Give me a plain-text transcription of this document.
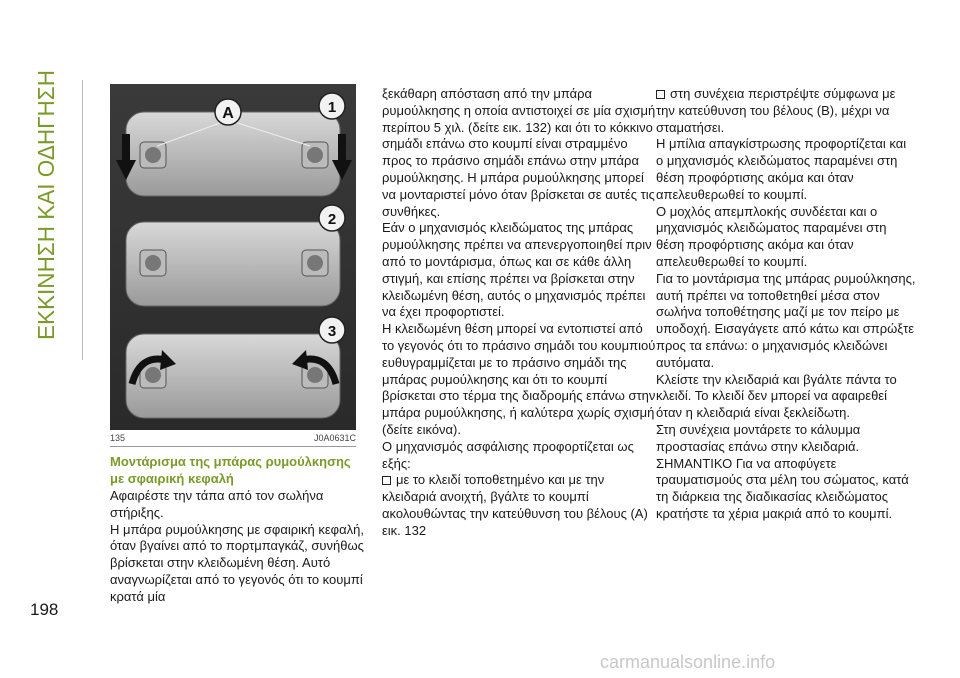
ΕΚΚΙΝΗΣΗ ΚΑΙ ΟΔΗΓΗΣΗ
198
A	1
2
3
135	J0A0631C
Μοντάρισμα της μπάρας ρυμούλκησης με σφαιρική κεφαλή

Αφαιρέστε την τάπα από τον σωλήνα στήριξης.

Η μπάρα ρυμούλκησης με σφαιρική κεφαλή, όταν βγαίνει από το πορτμπαγκάζ, συνήθως βρίσκεται στην κλειδωμένη θέση. Αυτό αναγνωρίζεται από το γεγονός ότι το κουμπί κρατά μία

ξεκάθαρη απόσταση από την μπάρα ρυμούλκησης η οποία αντιστοιχεί σε μία σχισμή περίπου 5 χιλ. (δείτε εικ. 132) και ότι το κόκκινο σημάδι επάνω στο κουμπί είναι στραμμένο προς το πράσινο σημάδι επάνω στην μπάρα ρυμούλκησης. Η μπάρα ρυμούλκησης μπορεί να μονταριστεί μόνο όταν βρίσκεται σε αυτές τις συνθήκες.

Εάν ο μηχανισμός κλειδώματος της μπάρας ρυμούλκησης πρέπει να απενεργοποιηθεί πριν από το μοντάρισμα, όπως και σε κάθε άλλη στιγμή, και επίσης πρέπει να βρίσκεται στην κλειδωμένη θέση, αυτός ο μηχανισμός πρέπει να έχει προφορτιστεί.

Η κλειδωμένη θέση μπορεί να εντοπιστεί από το γεγονός ότι το πράσινο σημάδι του κουμπιού ευθυγραμμίζεται με το πράσινο σημάδι της μπάρας ρυμούλκησης και ότι το κουμπί βρίσκεται στο τέρμα της διαδρομής επάνω στην μπάρα ρυμούλκησης, ή καλύτερα χωρίς σχισμή (δείτε εικόνα).

Ο μηχανισμός ασφάλισης προφορτίζεται ως εξής:

με το κλειδί τοποθετημένο και με την κλειδαριά ανοιχτή, βγάλτε το κουμπί ακολουθώντας την κατεύθυνση του βέλους (A) εικ. 132

στη συνέχεια περιστρέψτε σύμφωνα με την κατεύθυνση του βέλους (B), μέχρι να σταματήσει.

Η μπίλια απαγκίστρωσης προφορτίζεται και ο μηχανισμός κλειδώματος παραμένει στη θέση προφόρτισης ακόμα και όταν απελευθερωθεί το κουμπί.

Ο μοχλός απεμπλοκής συνδέεται και ο μηχανισμός κλειδώματος παραμένει στη θέση προφόρτισης ακόμα και όταν απελευθερωθεί το κουμπί.

Για το μοντάρισμα της μπάρας ρυμούλκησης, αυτή πρέπει να τοποθετηθεί μέσα στον σωλήνα τοποθέτησης μαζί με τον πείρο με υποδοχή. Εισαγάγετε από κάτω και σπρώξτε προς τα επάνω: ο μηχανισμός κλειδώνει αυτόματα.

Κλείστε την κλειδαριά και βγάλτε πάντα το κλειδί. Το κλειδί δεν μπορεί να αφαιρεθεί όταν η κλειδαριά είναι ξεκλείδωτη.

Στη συνέχεια μοντάρετε το κάλυμμα προστασίας επάνω στην κλειδαριά.

ΣΗΜΑΝΤΙΚΟ Για να αποφύγετε τραυματισμούς στα μέλη του σώματος, κατά τη διάρκεια της διαδικασίας κλειδώματος κρατήστε τα χέρια μακριά από το κουμπί.

carmanualsonline.info
